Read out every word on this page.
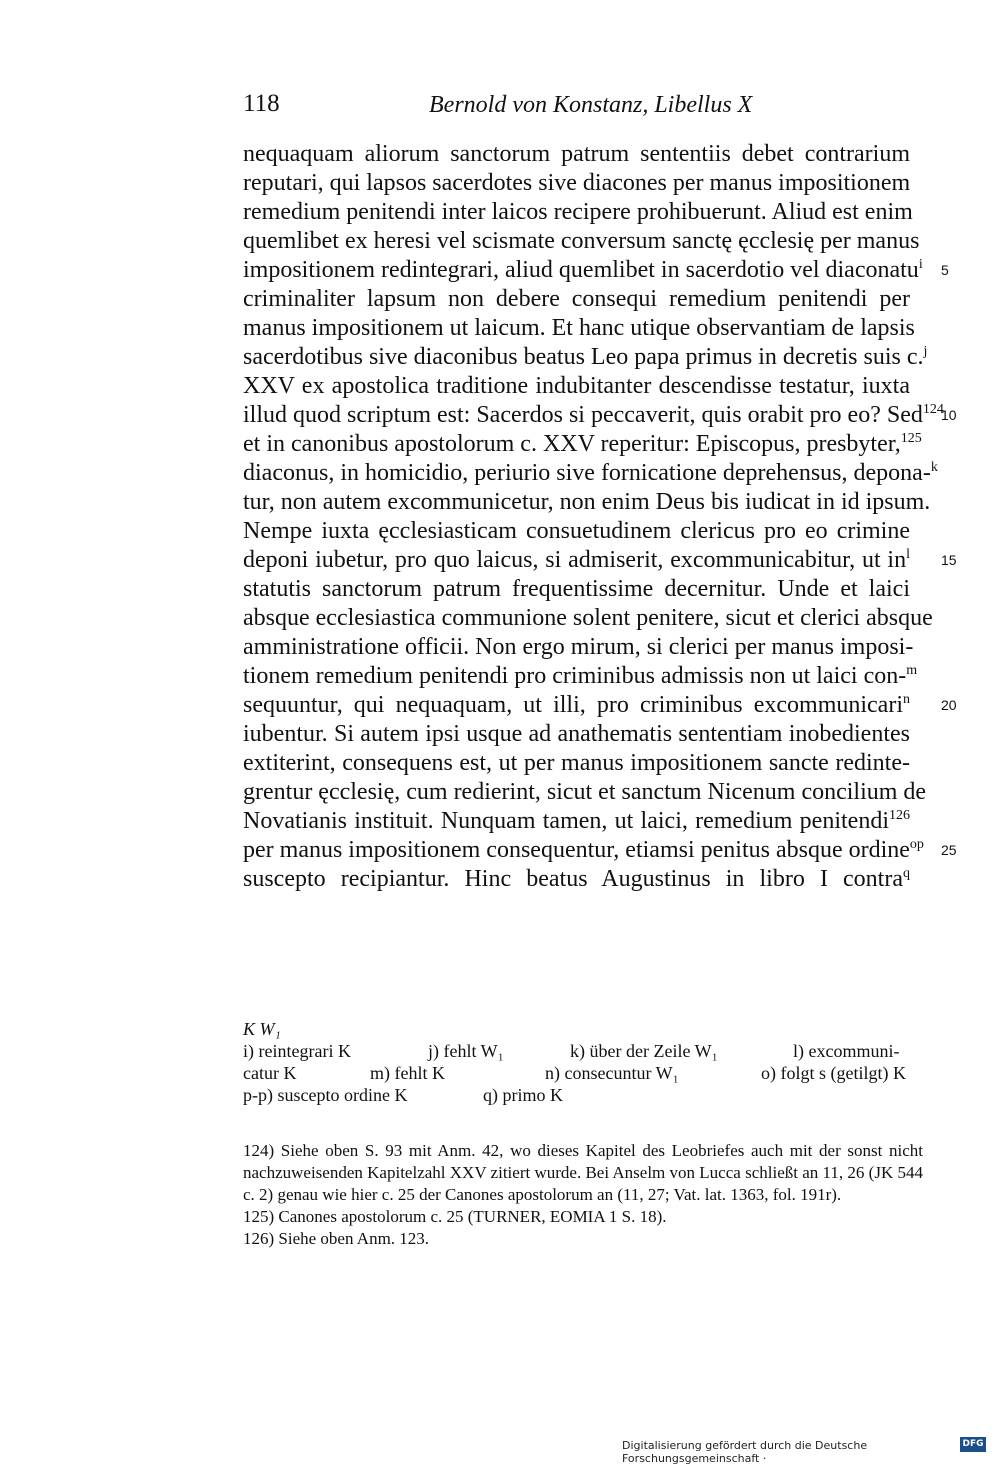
118	Bernold von Konstanz, Libellus X
nequaquam aliorum sanctorum patrum sententiis debet contrarium
reputari, qui lapsos sacerdotes sive diacones per manus impositionem
remedium penitendi inter laicos recipere prohibuerunt. Aliud est enim
quemlibet ex heresi vel scismate conversum sanctę ęcclesię per manus
impositionem redintegrari, aliud quemlibet in sacerdotio vel diaconatu$^i$ 5
criminaliter lapsum non debere consequi remedium penitendi per
manus impositionem ut laicum. Et hanc utique observantiam de lapsis
sacerdotibus sive diaconibus beatus Leo papa primus in decretis suis c.$^j$
XXV ex apostolica traditione indubitanter descendisse testatur, iuxta
illud quod scriptum est: Sacerdos si peccaverit, quis orabit pro eo? Sed$^{124}$
10
et in canonibus apostolorum c. XXV reperitur: Episcopus, presbyter,$^{125}$
diaconus, in homicidio, periurio sive fornicatione deprehensus, depona-$^k$
tur, non autem excommunicetur, non enim Deus bis iudicat in id ipsum.
Nempe iuxta ęcclesiasticam consuetudinem clericus pro eo crimine
deponi iubetur, pro quo laicus, si admiserit, excommunicabitur, ut $in^l$ 15
statutis sanctorum patrum frequentissime decernitur. Unde et laici
absque ecclesiastica communione solent penitere, sicut et clerici absque
amministratione officii. Non ergo mirum, si clerici per manus imposi-
tionem remedium penitendi pro criminibus admissis non ut laici con-$^m$
sequuntur, qui nequaquam, ut illi, pro criminibus excommunicari$^n$ 20
iubentur. Si autem ipsi usque ad anathematis sententiam inobedientes
extiterint, consequens est, ut per manus impositionem sancte redinte-
grentur ęcclesię, cum redierint, sicut et sanctum Nicenum concilium de
Novatianis instituit. Nunquam tamen, ut laici, remedium penitendi$^{126}$
per manus impositionem consequentur, etiamsi penitus absque ordine$^{op}$ 25
suscepto recipiantur. Hinc beatus Augustinus in libro I contra$^q$
K W₁
i) reintegrari K	j) fehlt W₁	k) über der Zeile W₁	l) excommuni-
catur K	m) fehlt K	n) consecuntur W₁	o) folgt s (getilgt) K
p-p) suscepto ordine K	q) primo K
124) Siehe oben S. 93 mit Anm. 42, wo dieses Kapitel des Leobriefes auch mit der sonst nicht nachzuweisenden Kapitelzahl XXV zitiert wurde. Bei Anselm von Lucca schließt an 11, 26 (JK 544 c. 2) genau wie hier c. 25 der Canones apostolorum an (11, 27; Vat. lat. 1363, fol. 191r).
125) Canones apostolorum c. 25 (TURNER, EOMIA 1 S. 18).
126) Siehe oben Anm. 123.
Digitalisierung gefördert durch die Deutsche Forschungsgemeinschaft ·
DFG
